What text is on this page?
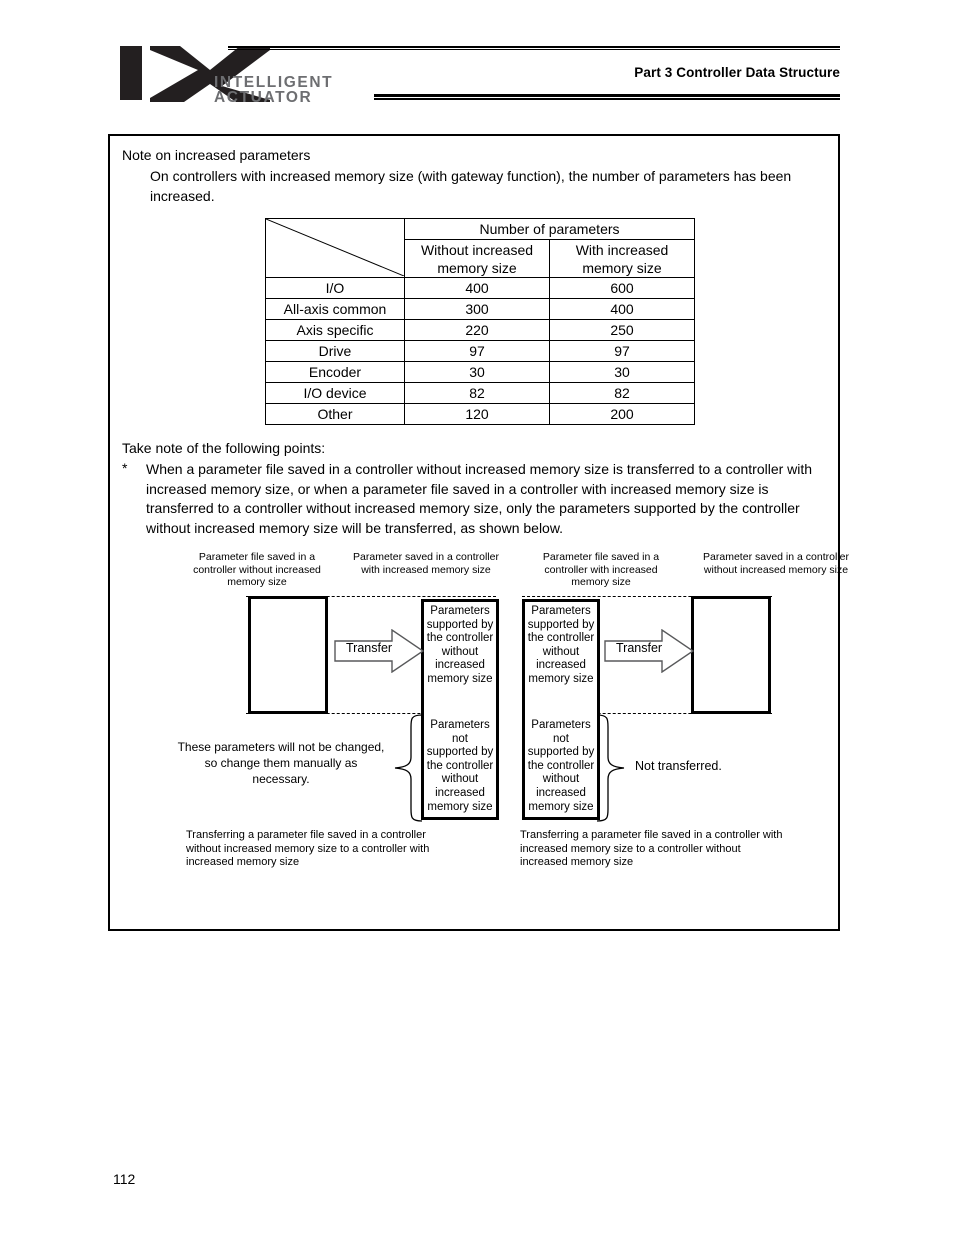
INTELLIGENT
ACTUATOR
Part 3 Controller Data Structure
Note on increased parameters
On controllers with increased memory size (with gateway function), the number of parameters has been increased.
	Number of parameters	
	Without increased memory size	With increased memory size
I/O	400	600
All-axis common	300	400
Axis specific	220	250
Drive	97	97
Encoder	30	30
I/O device	82	82
Other	120	200
Take note of the following points:
* When a parameter file saved in a controller without increased memory size is transferred to a controller with increased memory size, or when a parameter file saved in a controller with increased memory size is transferred to a controller without increased memory size, only the parameters supported by the controller without increased memory size will be transferred, as shown below.
Parameter file saved in a controller without increased memory size
Parameter saved in a controller with increased memory size
Parameters supported by the controller without increased memory size
Parameters not supported by the controller without increased memory size
Transfer
These parameters will not be changed, so change them manually as necessary.
Transferring a parameter file saved in a controller without increased memory size to a controller with increased memory size
Parameter file saved in a controller with increased memory size
Parameter saved in a controller without increased memory size
Parameters supported by the controller without increased memory size
Parameters not supported by the controller without increased memory size
Transfer
Not transferred.
Transferring a parameter file saved in a controller with increased memory size to a controller without increased memory size
112
